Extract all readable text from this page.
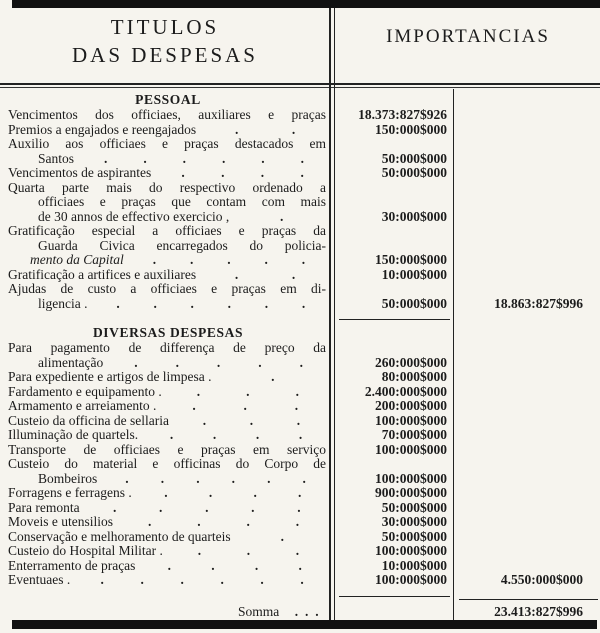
TITULOS
DAS DESPESAS
IMPORTANCIAS
PESSOAL
Vencimentos dos officiaes, auxiliares e praças	18.373:827$926
Premios a engajados e reengajados	.	.	150:000$000
Auxilio aos officiaes e praças destacados em
Santos	.	.	.	.	.	.	50:000$000
Vencimentos de aspirantes	.	.	.	.	50:000$000
Quarta parte mais do respectivo ordenado a
officiaes e praças que contam com mais
de 30 annos de effectivo exercicio ,	.	30:000$000
Gratificação especial a officiaes e praças da
Guarda Civica encarregados do policia-
mento da Capital	.	.	.	.	.	150:000$000
Gratificação a artifices e auxiliares	.	.	10:000$000
Ajudas de custo a officiaes e praças em di-
ligencia .	.	.	.	.	.	.	50:000$000	18.863:827$996
DIVERSAS DESPESAS
Para pagamento de differença de preço da
alimentação	.	.	.	.	.	260:000$000
Para expediente e artigos de limpesa .	.	80:000$000
Fardamento e equipamento .	.	.	.	2.400:000$000
Armamento e arreiamento .	.	.	.	200:000$000
Custeio da officina de sellaria	.	.	.	100:000$000
Illuminação de quartels.	.	.	.	.	70:000$000
Transporte de officiaes e praças em serviço	100:000$000
Custeio do material e officinas do Corpo de
Bombeiros	.	.	.	.	.	.	100:000$000
Forragens e ferragens .	.	.	.	.	900:000$000
Para remonta	.	.	.	.	.	50:000$000
Moveis e utensilios	.	.	.	.	30:000$000
Conservação e melhoramento de quarteis	.	50:000$000
Custeio do Hospital Militar .	.	.	.	100:000$000
Enterramento de praças	.	.	.	.	10:000$000
Eventuaes .	.	.	.	.	.	.	100:000$000	4.550:000$000
Somma . . .	23.413:827$996
